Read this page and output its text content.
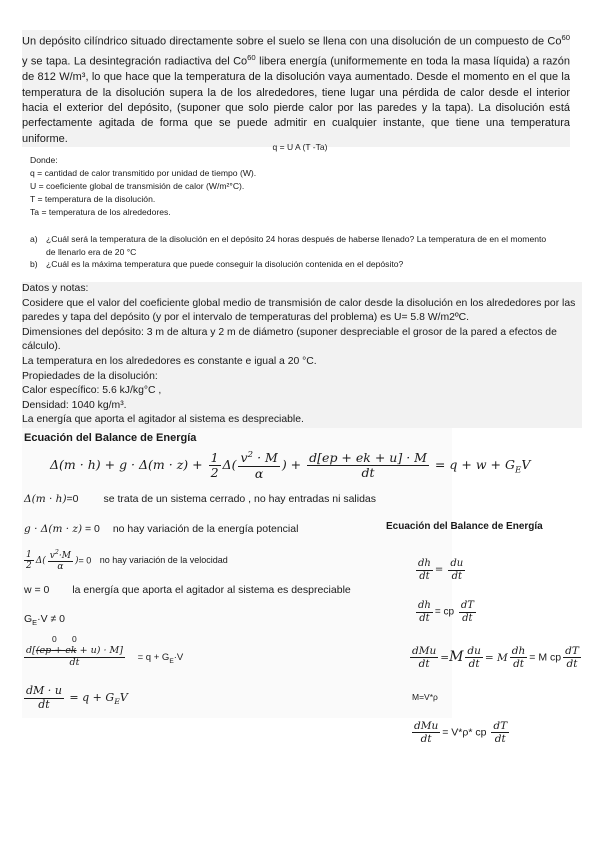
Un depósito cilíndrico situado directamente sobre el suelo se llena con una disolución de un compuesto de Co$^{60}$ y se tapa. La desintegración radiactiva del Co$^{60}$ libera energía (uniformemente en toda la masa líquida) a razón de 812 W/m³, lo que hace que la temperatura de la disolución vaya aumentado. Desde el momento en el que la temperatura de la disolución supera la de los alrededores, tiene lugar una pérdida de calor desde el interior hacia el exterior del depósito, (suponer que solo pierde calor por las paredes y la tapa). La disolución está perfectamente agitada de forma que se puede admitir en cualquier instante, que tiene una temperatura uniforme.
q = U A (T -Ta)
Donde:
q = cantidad de calor transmitido por unidad de tiempo (W).
U = coeficiente global de transmisión de calor (W/m²°C).
T = temperatura de la disolución.
Ta = temperatura de los alrededores.
a) ¿Cuál será la temperatura de la disolución en el depósito 24 horas después de haberse llenado? La temperatura de en el momento de llenarlo era de 20 °C
b) ¿Cuál es la máxima temperatura que puede conseguir la disolución contenida en el depósito?
Datos y notas:
Cosidere que el valor del coeficiente global medio de transmisión de calor desde la disolución en los alrededores por las paredes y tapa del depósito (y por el intervalo de temperaturas del problema) es U= 5.8 W/m2ºC.
Dimensiones del depósito: 3 m de altura y 2 m de diámetro (suponer despreciable el grosor de la pared a efectos de cálculo).
La temperatura en los alrededores es constante e igual a 20 °C.
Propiedades de la disolución:
Calor específico: 5.6 kJ/kg°C ,
Densidad: 1040 kg/m³.
La energía que aporta el agitador al sistema es despreciable.
Ecuación del Balance de Energía
$\Delta(m \cdot h) + g \cdot \Delta(m \cdot z) + \frac{1}{2} \Delta( \frac{v^2 \cdot M}{\alpha}$ ) + $\frac{d[ep + ek + u] \cdot M}{dt} = q + w + G_EV$
Δ(m · h)=0 se trata de un sistema cerrado , no hay entradas ni salidas
g · Δ(m · z) = 0 no hay variación de la energía potencial
$\frac{1}{2} \Delta( \frac{v^2\cdot M}{\alpha}$ )= 0 no hay variación de la velocidad
w = 0 la energía que aporta el agitador al sistema es despreciable
$G_E\cdot V \ne 0$
0 0
$\frac{d[(ep + ek + u) \cdot M]}{dt} = q + G_E\cdot V$
$\frac{dM \cdot u}{dt} = q + G_EV$
Ecuación del Balance de Energía
$\frac{dh}{dt} = \frac{du}{dt}$
$\frac{dh}{dt}$ = cp $\frac{dT}{dt}$
$\frac{\text{dMu}}{dt} =M \frac{du}{dt} = M \frac{dh}{dt} = M$ cp $\frac{dT}{dt}$
M=V*ρ
$\frac{\text{dMu}}{dt} = V*\rho*$ cp $\frac{dT}{dt}$
